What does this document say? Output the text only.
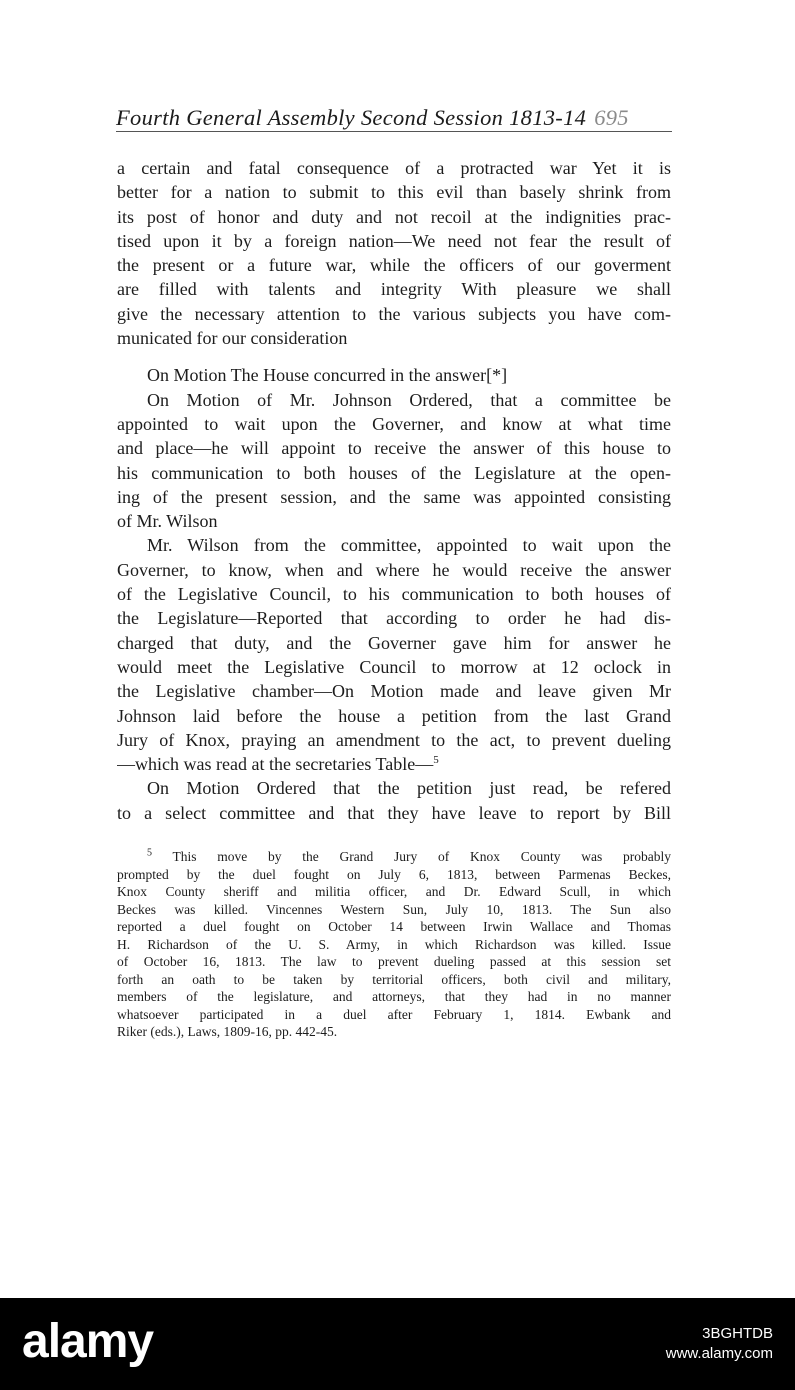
Fourth General Assembly Second Session 1813-14 695
a certain and fatal consequence of a protracted war Yet it is
better for a nation to submit to this evil than basely shrink from
its post of honor and duty and not recoil at the indignities prac-
tised upon it by a foreign nation—We need not fear the result of
the present or a future war, while the officers of our goverment
are filled with talents and integrity With pleasure we shall
give the necessary attention to the various subjects you have com-
municated for our consideration
On Motion The House concurred in the answer[*]
On Motion of Mr. Johnson Ordered, that a committee be
appointed to wait upon the Governer, and know at what time
and place—he will appoint to receive the answer of this house to
his communication to both houses of the Legislature at the open-
ing of the present session, and the same was appointed consisting
of Mr. Wilson
Mr. Wilson from the committee, appointed to wait upon the
Governer, to know, when and where he would receive the answer
of the Legislative Council, to his communication to both houses of
the Legislature—Reported that according to order he had dis-
charged that duty, and the Governer gave him for answer he
would meet the Legislative Council to morrow at 12 oclock in
the Legislative chamber—On Motion made and leave given Mr
Johnson laid before the house a petition from the last Grand
Jury of Knox, praying an amendment to the act, to prevent dueling
—which was read at the secretaries Table—$^5$
On Motion Ordered that the petition just read, be refered
to a select committee and that they have leave to report by Bill
$^5$ This move by the Grand Jury of Knox County was probably
prompted by the duel fought on July 6, 1813, between Parmenas Beckes,
Knox County sheriff and militia officer, and Dr. Edward Scull, in which
Beckes was killed. Vincennes Western Sun, July 10, 1813. The Sun also
reported a duel fought on October 14 between Irwin Wallace and Thomas
H. Richardson of the U. S. Army, in which Richardson was killed. Issue
of October 16, 1813. The law to prevent dueling passed at this session set
forth an oath to be taken by territorial officers, both civil and military,
members of the legislature, and attorneys, that they had in no manner
whatsoever participated in a duel after February 1, 1814. Ewbank and
Riker (eds.), Laws, 1809-16, pp. 442-45.
alamy	3BGHTDB
www.alamy.com
